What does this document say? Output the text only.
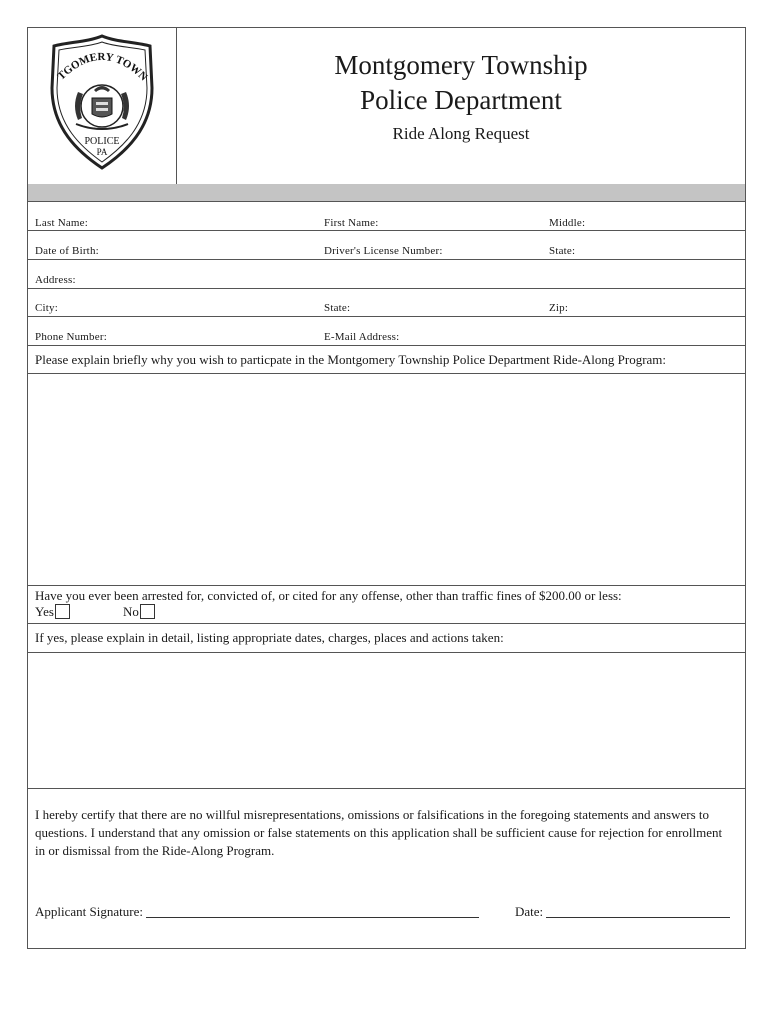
TGOMERY TOWN
POLICE
PA
Montgomery Township
Police Department
Ride Along Request
Last Name:	First Name:	Middle:
Date of Birth:	Driver's License Number:	State:
Address:
City:	State:	Zip:
Phone Number:	E-Mail Address:
Please explain briefly why you wish to particpate in the Montgomery Township Police Department Ride-Along Program:
Have you ever been arrested for, convicted of, or cited for any offense, other than traffic fines of $200.00 or less:
Yes	No
If yes, please explain in detail, listing appropriate dates, charges, places and actions taken:
I hereby certify that there are no willful misrepresentations, omissions or falsifications in the foregoing statements and answers to questions. I understand that any omission or false statements on this application shall be sufficient cause for rejection for enrollment in or dismissal from the Ride-Along Program.
Applicant Signature:	Date:
